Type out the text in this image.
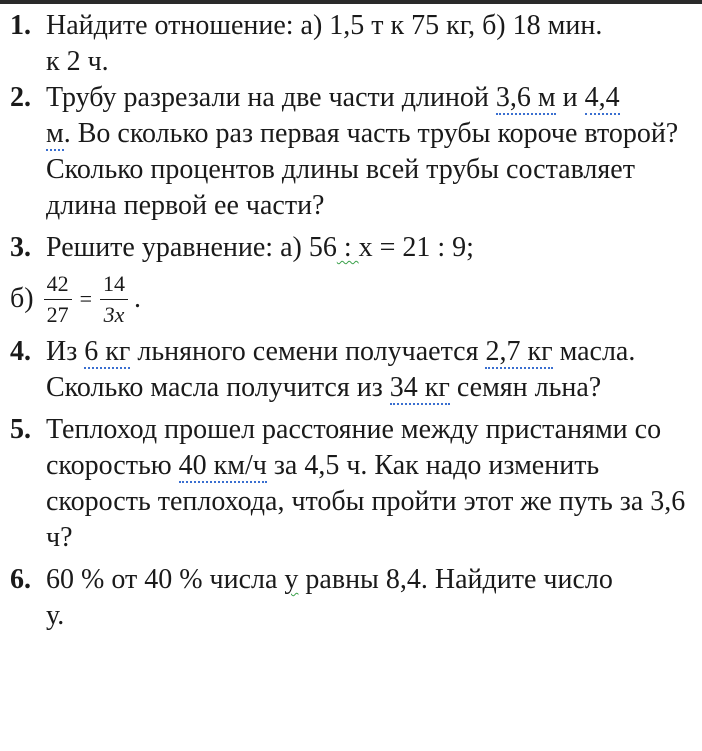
1. Найдите отношение: а) 1,5 т к 75 кг, б) 18 мин.
к 2 ч.
2. Трубу разрезали на две части длиной 3,6 м и 4,4
м. Во сколько раз первая часть трубы короче второй? Сколько процентов длины всей трубы составляет длина первой ее части?
3. Решите уравнение: а) 56 : х = 21 : 9;
$б) \frac{42}{27} = \frac{14}{3x}$ .
4. Из 6 кг льняного семени получается 2,7 кг масла. Сколько масла получится из 34 кг семян льна?
5. Теплоход прошел расстояние между пристанями со скоростью 40 км/ч за 4,5 ч. Как надо изменить скорость теплохода, чтобы пройти этот же путь за 3,6 ч?
6. 60 % от 40 % числа у равны 8,4. Найдите число
у.
